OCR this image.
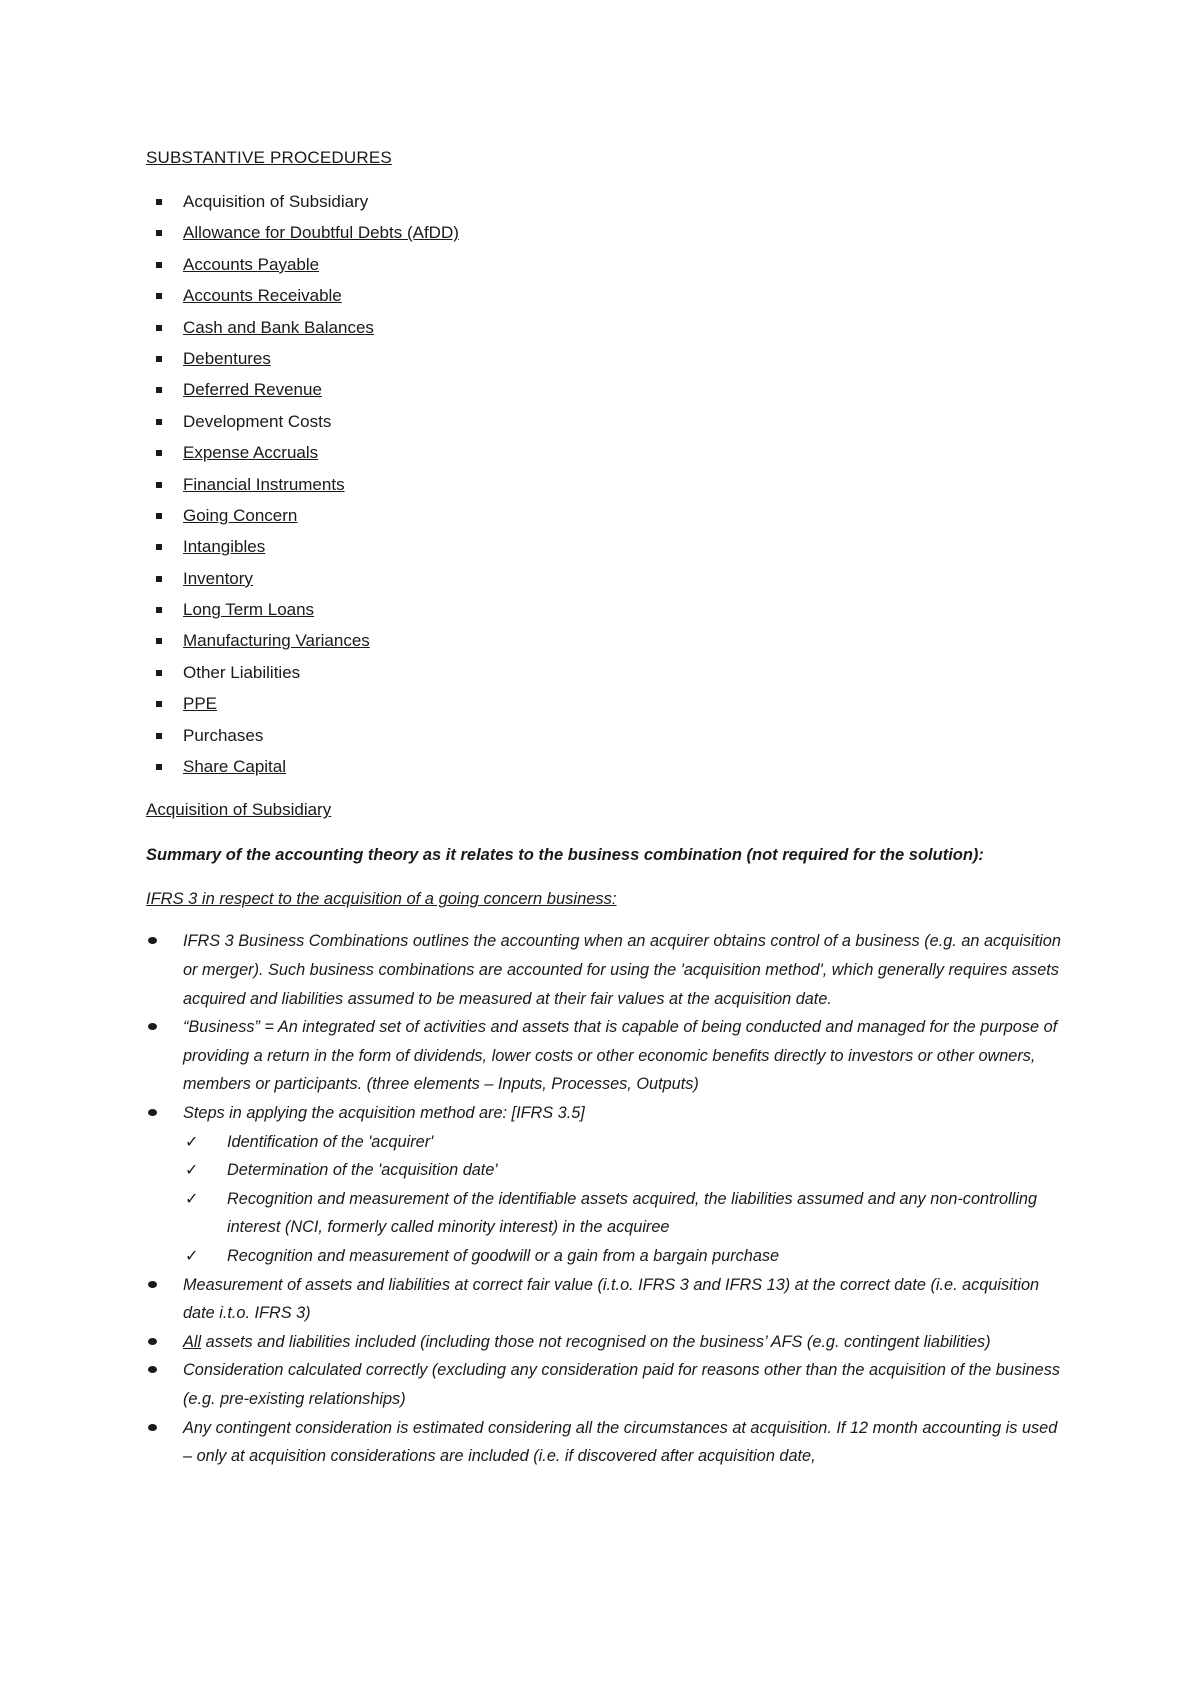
SUBSTANTIVE PROCEDURES
Acquisition of Subsidiary
Allowance for Doubtful Debts (AfDD)
Accounts Payable
Accounts Receivable
Cash and Bank Balances
Debentures
Deferred Revenue
Development Costs
Expense Accruals
Financial Instruments
Going Concern
Intangibles
Inventory
Long Term Loans
Manufacturing Variances
Other Liabilities
PPE
Purchases
Share Capital
Acquisition of Subsidiary
Summary of the accounting theory as it relates to the business combination (not required for the solution):
IFRS 3 in respect to the acquisition of a going concern business:
IFRS 3 Business Combinations outlines the accounting when an acquirer obtains control of a business (e.g. an acquisition or merger). Such business combinations are accounted for using the 'acquisition method', which generally requires assets acquired and liabilities assumed to be measured at their fair values at the acquisition date.
“Business” = An integrated set of activities and assets that is capable of being conducted and managed for the purpose of providing a return in the form of dividends, lower costs or other economic benefits directly to investors or other owners, members or participants. (three elements – Inputs, Processes, Outputs)
Steps in applying the acquisition method are: [IFRS 3.5]
✓ Identification of the 'acquirer'
✓ Determination of the 'acquisition date'
✓ Recognition and measurement of the identifiable assets acquired, the liabilities assumed and any non-controlling interest (NCI, formerly called minority interest) in the acquiree
✓ Recognition and measurement of goodwill or a gain from a bargain purchase
Measurement of assets and liabilities at correct fair value (i.t.o. IFRS 3 and IFRS 13) at the correct date (i.e. acquisition date i.t.o. IFRS 3)
All assets and liabilities included (including those not recognised on the business’ AFS (e.g. contingent liabilities)
Consideration calculated correctly (excluding any consideration paid for reasons other than the acquisition of the business (e.g. pre-existing relationships)
Any contingent consideration is estimated considering all the circumstances at acquisition. If 12 month accounting is used – only at acquisition considerations are included (i.e. if discovered after acquisition date,
